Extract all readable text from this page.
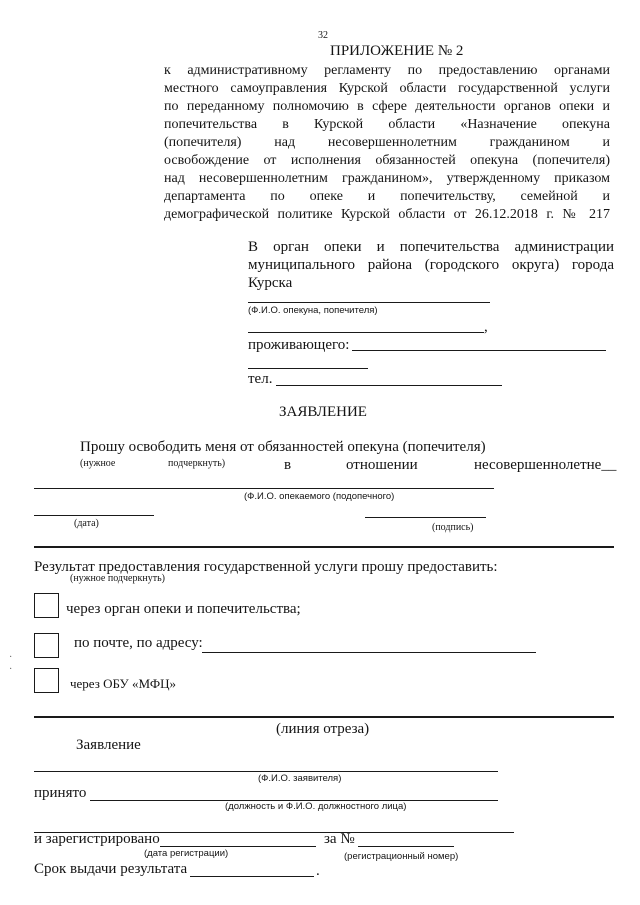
32
ПРИЛОЖЕНИЕ № 2
к административному регламенту по предоставлению органами
местного самоуправления Курской области государственной услуги
по переданному полномочию в сфере деятельности органов опеки и
попечительства в Курской области «Назначение опекуна
(попечителя) над несовершеннолетним гражданином и
освобождение от исполнения обязанностей опекуна (попечителя)
над несовершеннолетним гражданином», утвержденному приказом
департамента по опеке и попечительству, семейной и
демографической политике Курской области от 26.12.2018 г. № 217
В орган опеки и попечительства администрации
муниципального района (городского округа) города
Курска
(Ф.И.О. опекуна, попечителя)
,
проживающего:
тел.
ЗАЯВЛЕНИЕ
Прошу освободить меня от обязанностей опекуна (попечителя)
(нужное	подчеркнуть)	в	отношении	несовершеннолетне__
(Ф.И.О. опекаемого (подопечного)
(дата)	(подпись)
Результат предоставления государственной услуги прошу предоставить:
(нужное подчеркнуть)
через орган опеки и попечительства;
по почте, по адресу:
через ОБУ «МФЦ»
(линия отреза)
Заявление
(Ф.И.О. заявителя)
принято
(должность и Ф.И.О. должностного лица)
и зарегистрировано	за №
(дата регистрации)	(регистрационный номер)
Срок выдачи результата	.
·
·
